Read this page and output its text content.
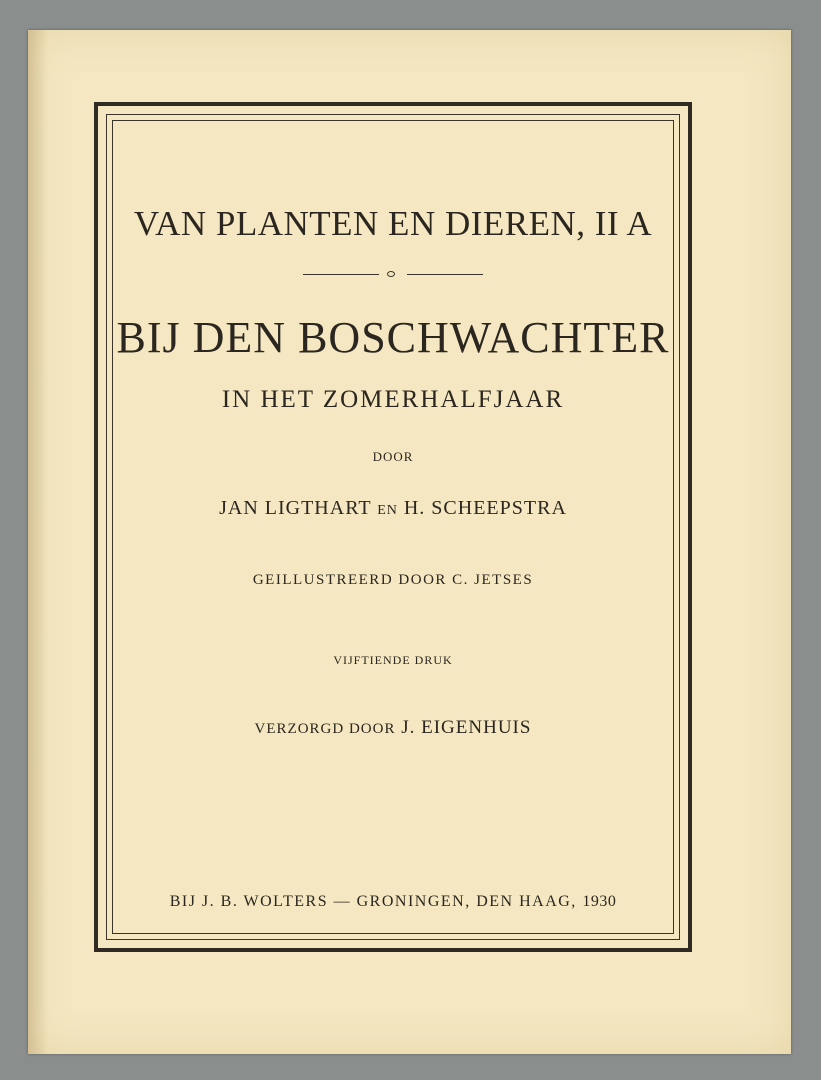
VAN PLANTEN EN DIEREN, II A

BIJ DEN BOSCHWACHTER

IN HET ZOMERHALFJAAR

DOOR

JAN LIGTHART EN H. SCHEEPSTRA

GEILLUSTREERD DOOR C. JETSES

VIJFTIENDE DRUK

VERZORGD DOOR J. EIGENHUIS

BIJ J. B. WOLTERS — GRONINGEN, DEN HAAG, 1930
